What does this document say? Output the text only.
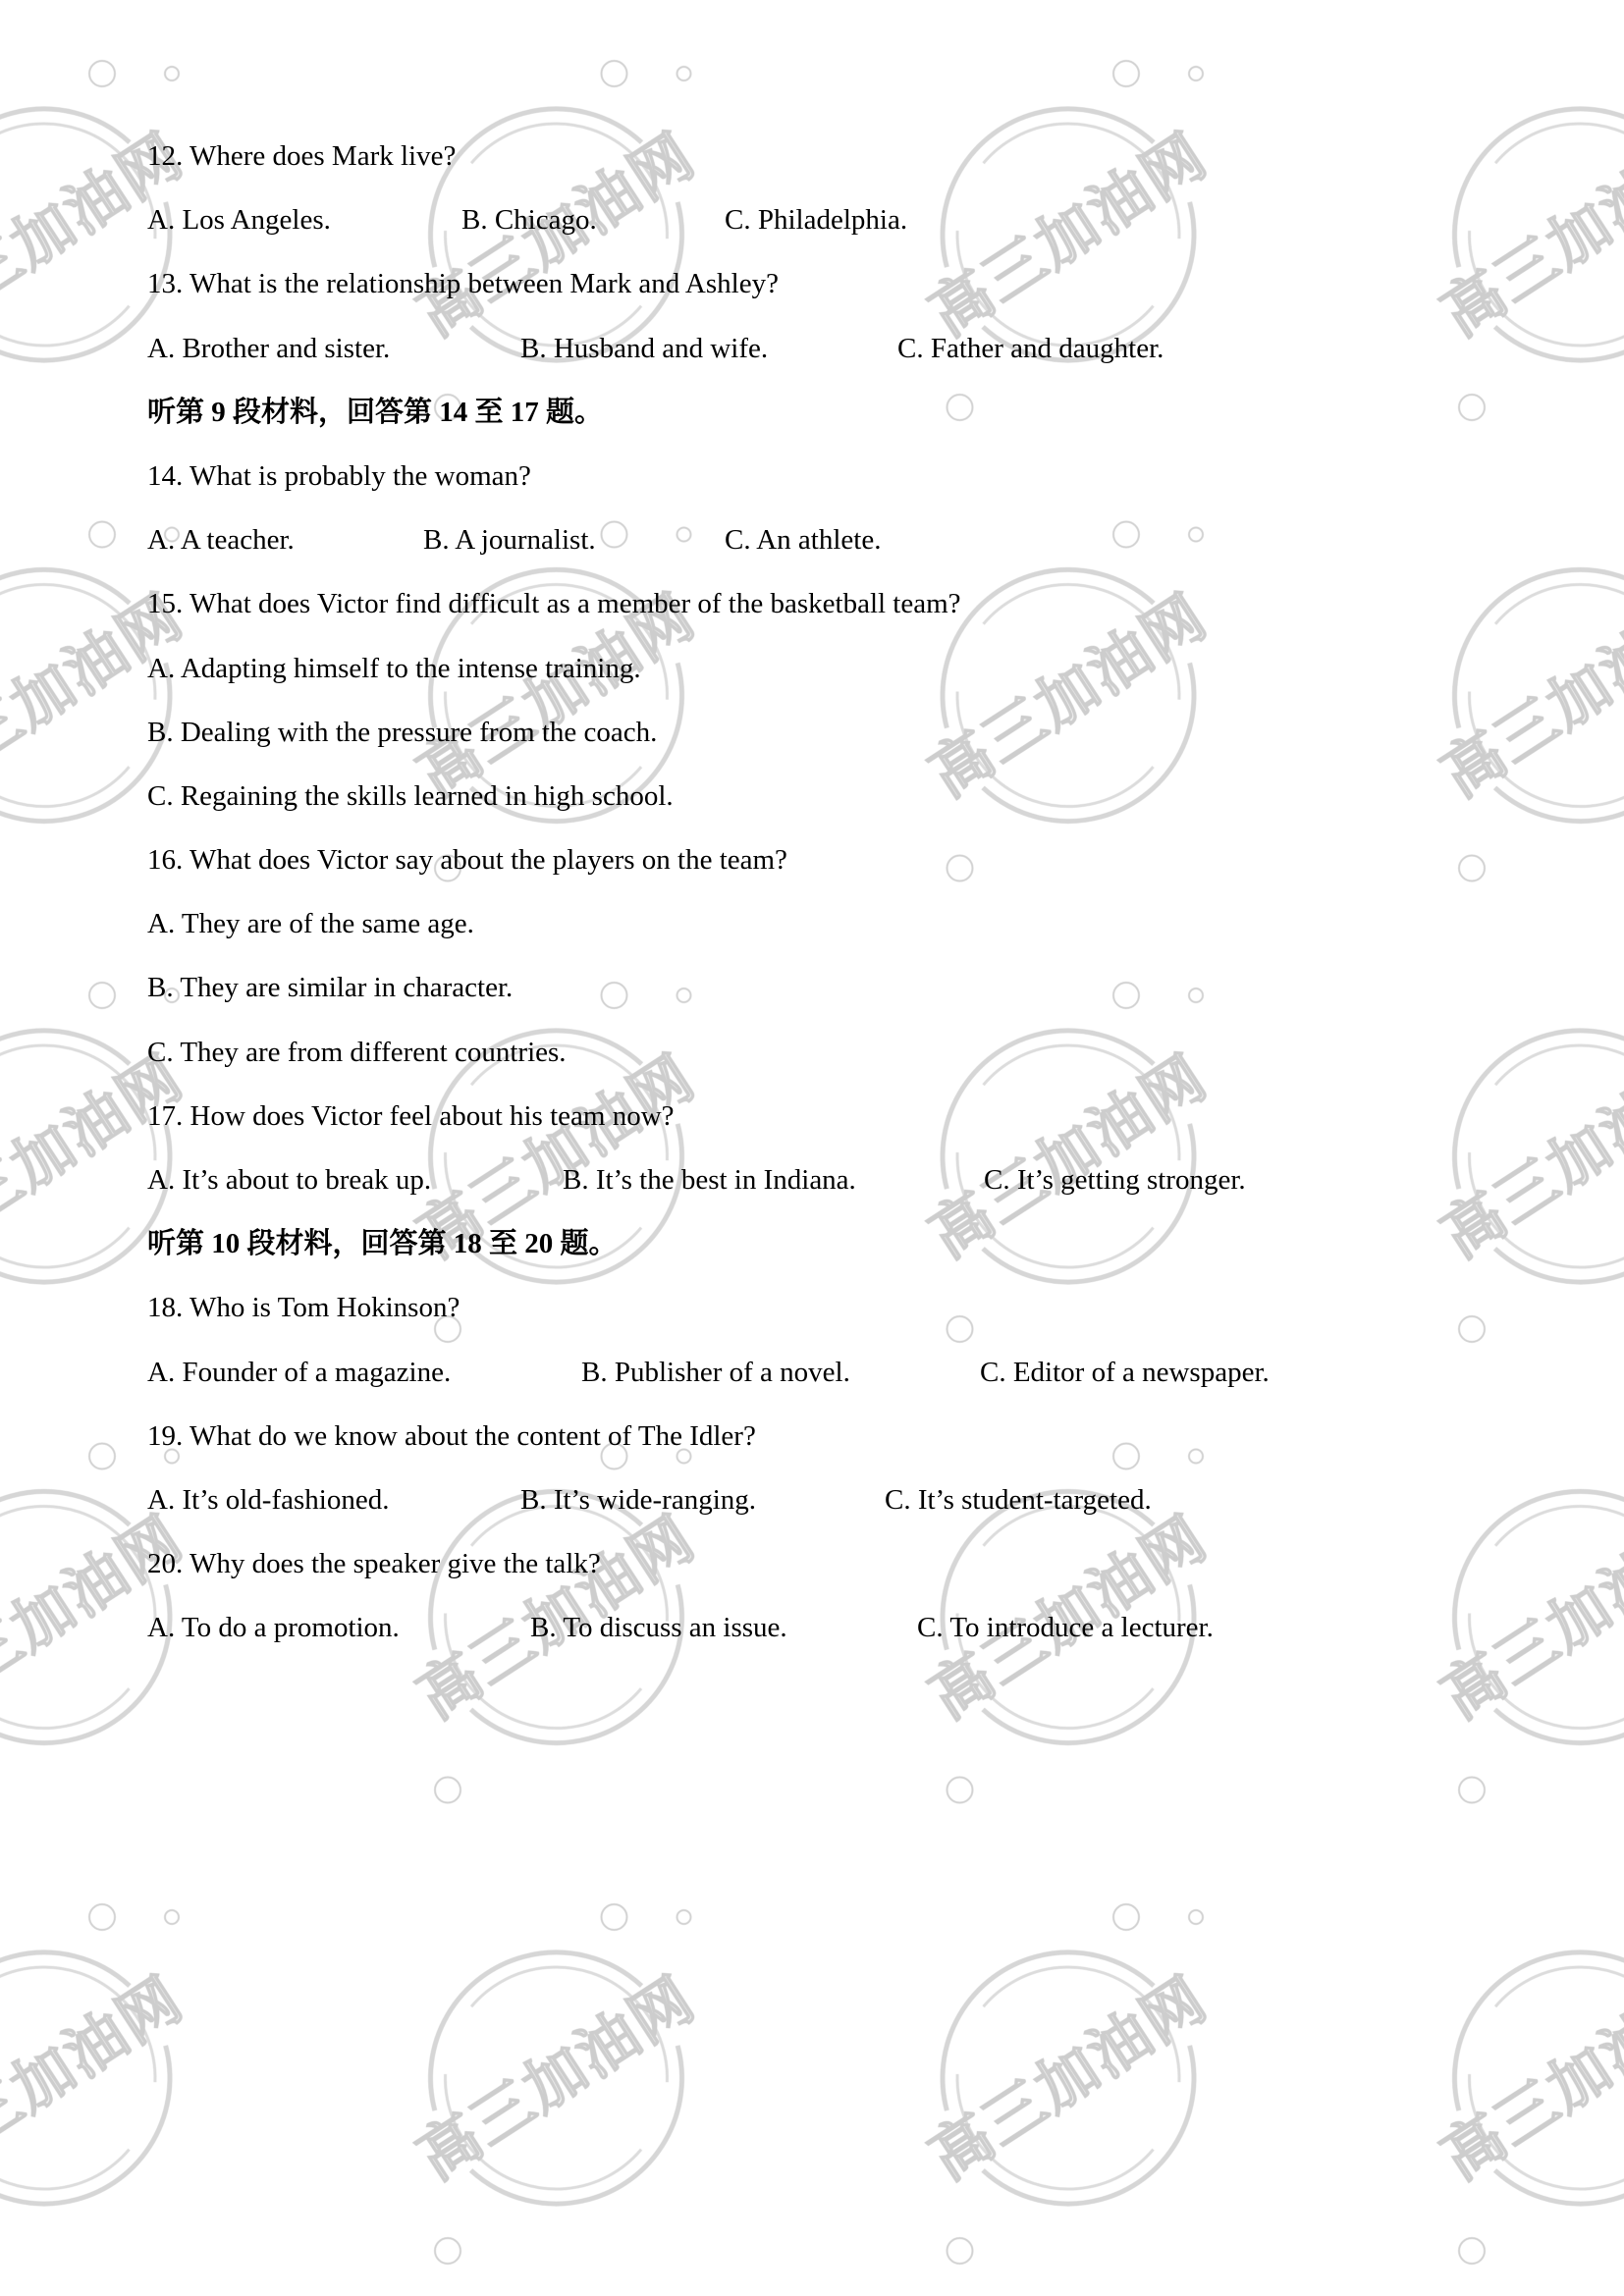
12. Where does Mark live?
A. Los Angeles.	B. Chicago.	C. Philadelphia.
13. What is the relationship between Mark and Ashley?
A. Brother and sister.	B. Husband and wife.	C. Father and daughter.
听第 9 段材料，回答第 14 至 17 题。
14. What is probably the woman?
A. A teacher.	B. A journalist.	C. An athlete.
15. What does Victor find difficult as a member of the basketball team?
A. Adapting himself to the intense training.
B. Dealing with the pressure from the coach.
C. Regaining the skills learned in high school.
16. What does Victor say about the players on the team?
A. They are of the same age.
B. They are similar in character.
C. They are from different countries.
17. How does Victor feel about his team now?
A. It’s about to break up.	B. It’s the best in Indiana.	C. It’s getting stronger.
听第 10 段材料，回答第 18 至 20 题。
18. Who is Tom Hokinson?
A. Founder of a magazine.	B. Publisher of a novel.	C. Editor of a newspaper.
19. What do we know about the content of The Idler?
A. It’s old-fashioned.	B. It’s wide-ranging.	C. It’s student-targeted.
20. Why does the speaker give the talk?
A. To do a promotion.	B. To discuss an issue.	C. To introduce a lecturer.
